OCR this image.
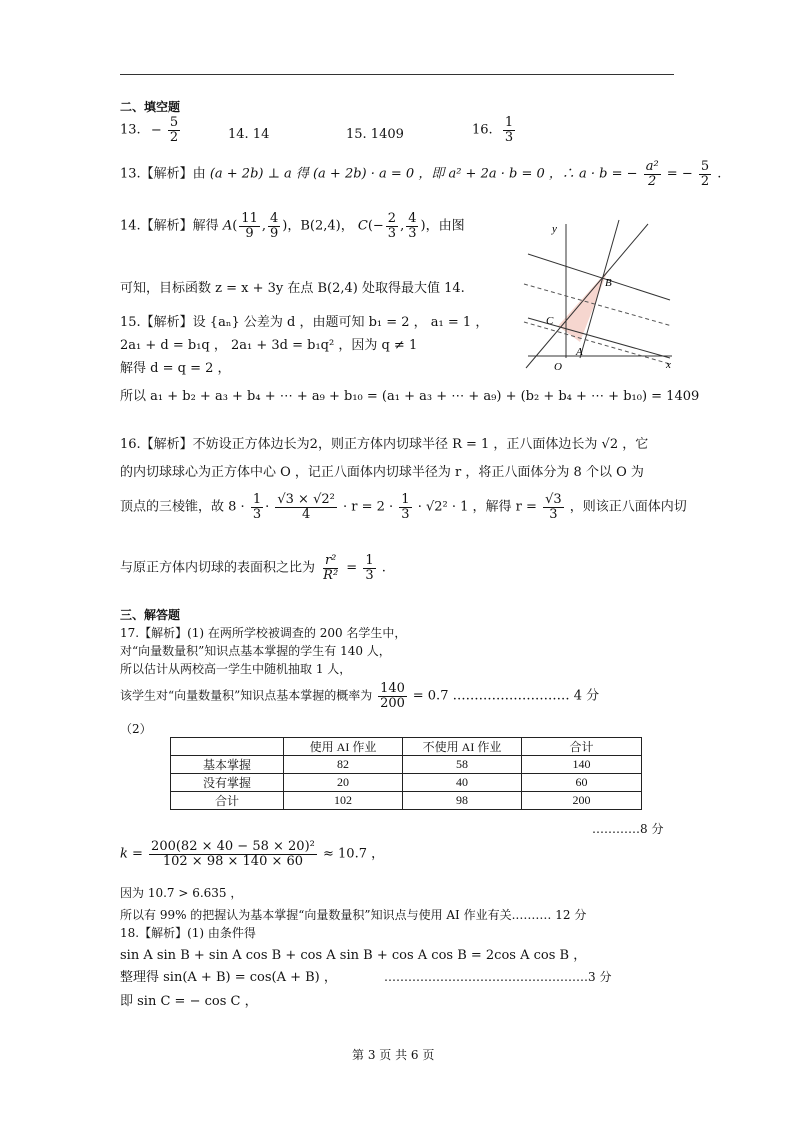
二、填空题
13. − $\frac{5}{2}$	14. 14	15. 1409	16. $\frac{1}{3}$
13.【解析】由 (a + 2b) ⊥ a 得 (a + 2b) · a = 0 ，即 a² + 2a · b = 0 ，∴ a · b = − $\frac{\text{a²}}{2}$ = − $\frac{5}{2}$ .
14.【解析】解得 $A( \frac{11}{9}$ , $\frac{4}{9}$ )，B(2,4)， $C(- \frac{2}{3}$ , $\frac{4}{3}$ )，由图
可知，目标函数 z = x + 3y 在点 B(2,4) 处取得最大值 14.
y
x
O
B
C
A
15.【解析】设 {aₙ} 公差为 d ，由题可知 b₁ = 2 ， a₁ = 1 ，
2a₁ + d = b₁q ， 2a₁ + 3d = b₁q² ，因为 q ≠ 1
解得 d = q = 2 ，
所以 a₁ + b₂ + a₃ + b₄ + ⋯ + a₉ + b₁₀ = (a₁ + a₃ + ⋯ + a₉) + (b₂ + b₄ + ⋯ + b₁₀) = 1409
16.【解析】不妨设正方体边长为2，则正方体内切球半径 R = 1 ，正八面体边长为 √2 ，它
的内切球球心为正方体中心 O ，记正八面体内切球半径为 r ，将正八面体分为 8 个以 O 为
顶点的三棱锥，故 $8 \cdot \frac{1}{3} \cdot \frac{\text{√3 × √2²}}{4} \cdot r = 2 \cdot \frac{1}{3} \cdot √2^2 \cdot 1$ ，解得 $r = \frac{√3}{3}$ ，则该正八面体内切
与原正方体内切球的表面积之比为 $\frac{\text{r²}}{\text{R²}} = \frac{1}{3}$ .
三、解答题
17.【解析】(1) 在两所学校被调查的 200 名学生中，
对“向量数量积”知识点基本掌握的学生有 140 人，
所以估计从两校高一学生中随机抽取 1 人，
该学生对“向量数量积”知识点基本掌握的概率为 $\frac{140}{200} = 0.7$ ……………………… 4 分
（2）
	使用 AI 作业	不使用 AI 作业	合计
基本掌握	82	58	140
没有掌握	20	40	60
合计	102	98	200
…………8 分
$k = \frac{\text{200(82 × 40 − 58 × 20)²}}{102 \times 98 \times 140 \times 60} \approx 10.7$ ，
因为 10.7 > 6.635 ，
所以有 99% 的把握认为基本掌握“向量数量积”知识点与使用 AI 作业有关.……… 12 分
18.【解析】(1) 由条件得
sin A sin B + sin A cos B + cos A sin B + cos A cos B = 2cos A cos B ，
整理得 sin(A + B) = cos(A + B) ，	……………………………………………3 分
即 sin C = − cos C ，
第 3 页 共 6 页
